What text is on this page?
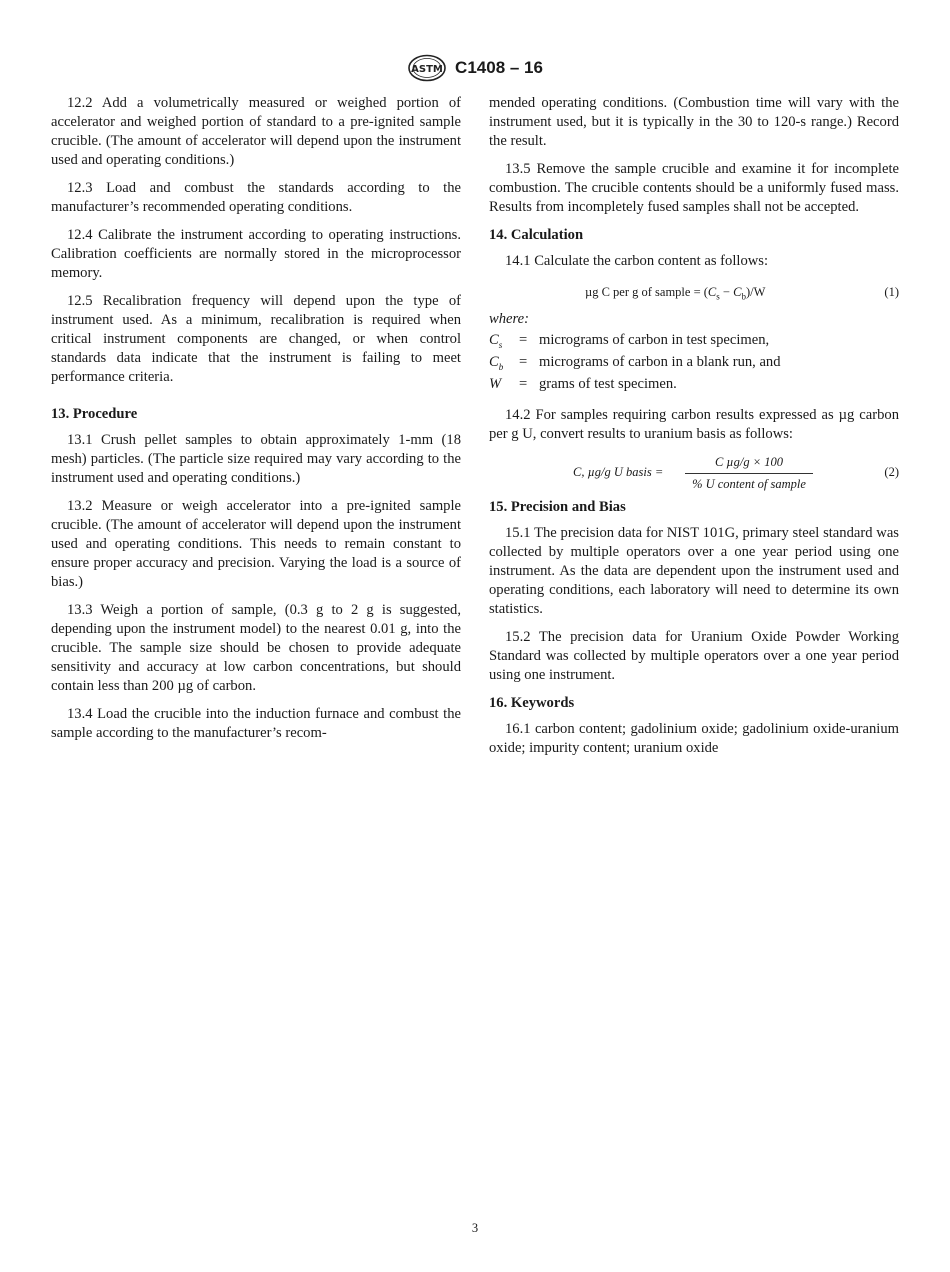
ASTM C1408 – 16

12.2 Add a volumetrically measured or weighed portion of accelerator and weighed portion of standard to a pre-ignited sample crucible. (The amount of accelerator will depend upon the instrument used and operating conditions.)

12.3 Load and combust the standards according to the manufacturer’s recommended operating conditions.

12.4 Calibrate the instrument according to operating instructions. Calibration coefficients are normally stored in the microprocessor memory.

12.5 Recalibration frequency will depend upon the type of instrument used. As a minimum, recalibration is required when critical instrument components are changed, or when control standards data indicate that the instrument is failing to meet performance criteria.

13. Procedure

13.1 Crush pellet samples to obtain approximately 1-mm (18 mesh) particles. (The particle size required may vary according to the instrument used and operating conditions.)

13.2 Measure or weigh accelerator into a pre-ignited sample crucible. (The amount of accelerator will depend upon the instrument used and operating conditions. This needs to remain constant to ensure proper accuracy and precision. Varying the load is a source of bias.)

13.3 Weigh a portion of sample, (0.3 g to 2 g is suggested, depending upon the instrument model) to the nearest 0.01 g, into the crucible. The sample size should be chosen to provide adequate sensitivity and accuracy at low carbon concentrations, but should contain less than 200 µg of carbon.

13.4 Load the crucible into the induction furnace and combust the sample according to the manufacturer’s recom-

mended operating conditions. (Combustion time will vary with the instrument used, but it is typically in the 30 to 120-s range.) Record the result.

13.5 Remove the sample crucible and examine it for incomplete combustion. The crucible contents should be a uniformly fused mass. Results from incompletely fused samples shall not be accepted.

14. Calculation

14.1 Calculate the carbon content as follows:

µg C per g of sample = $(C_s - C_b)/W$	(1)
where:
$C_s$	= micrograms of carbon in test specimen,
$C_b$	= micrograms of carbon in a blank run, and
W	= grams of test specimen.

14.2 For samples requiring carbon results expressed as µg carbon per g U, convert results to uranium basis as follows:

C, µg/g U basis =
C µg/g × 100
% U content of sample
(2)
15. Precision and Bias

15.1 The precision data for NIST 101G, primary steel standard was collected by multiple operators over a one year period using one instrument. As the data are dependent upon the instrument used and operating conditions, each laboratory will need to determine its own statistics.

15.2 The precision data for Uranium Oxide Powder Working Standard was collected by multiple operators over a one year period using one instrument.

16. Keywords

16.1 carbon content; gadolinium oxide; gadolinium oxide-uranium oxide; impurity content; uranium oxide

3
